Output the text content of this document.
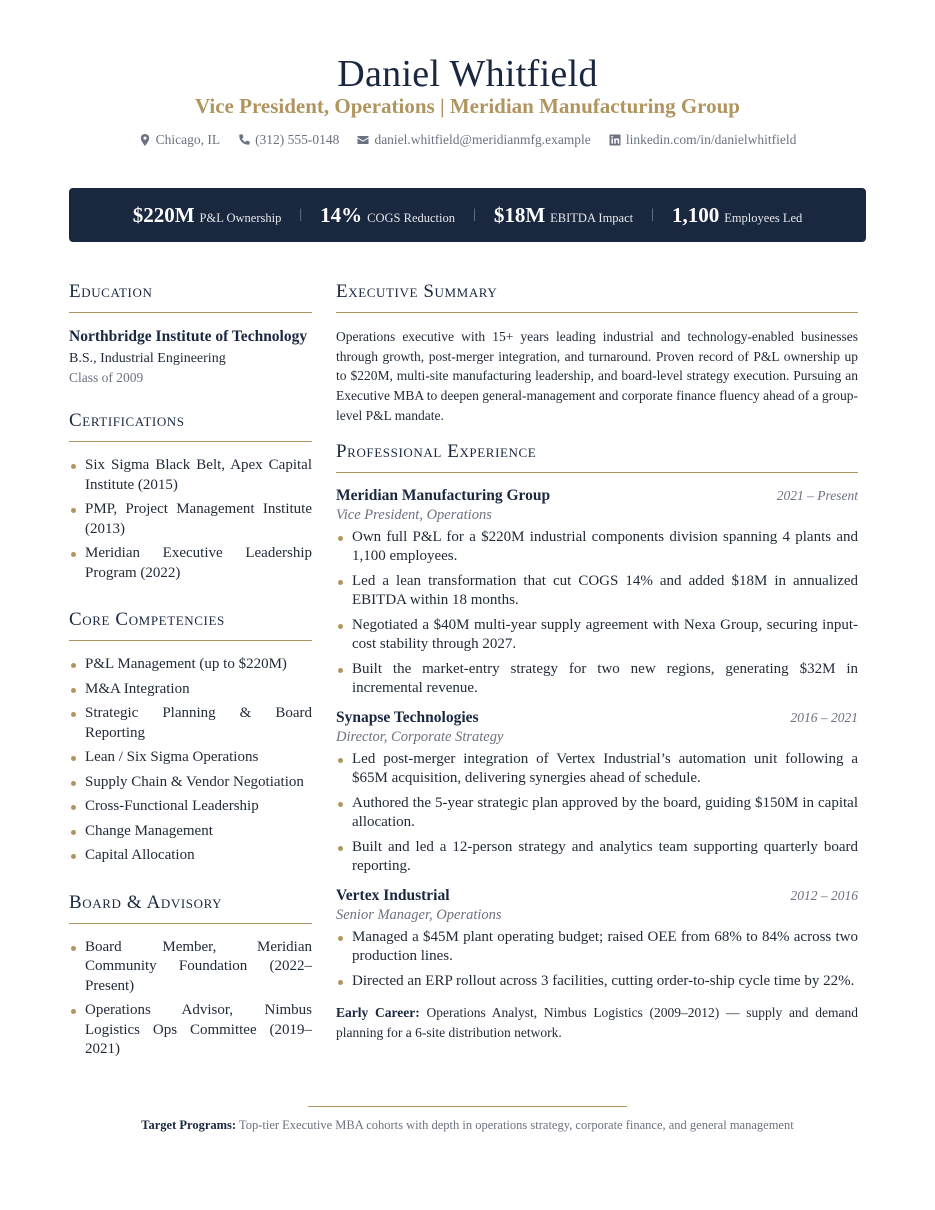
Daniel Whitfield
Vice President, Operations | Meridian Manufacturing Group
Chicago, IL	(312) 555-0148	daniel.whitfield@meridianmfg.example	linkedin.com/in/danielwhitfield
$220M P&L Ownership | 14% COGS Reduction | $18M EBITDA Impact | 1,100 Employees Led
Education
Northbridge Institute of Technology
B.S., Industrial Engineering
Class of 2009
Certifications
Six Sigma Black Belt, Apex Capital Institute (2015)
PMP, Project Management Institute (2013)
Meridian Executive Leadership Program (2022)
Core Competencies
P&L Management (up to $220M)
M&A Integration
Strategic Planning & Board Reporting
Lean / Six Sigma Operations
Supply Chain & Vendor Negotiation
Cross-Functional Leadership
Change Management
Capital Allocation
Board & Advisory
Board Member, Meridian Community Foundation (2022–Present)
Operations Advisor, Nimbus Logistics Ops Committee (2019–2021)
Executive Summary

Operations executive with 15+ years leading industrial and technology-enabled businesses through growth, post-merger integration, and turnaround. Proven record of P&L ownership up to $220M, multi-site manufacturing leadership, and board-level strategy execution. Pursuing an Executive MBA to deepen general-management and corporate finance fluency ahead of a group-level P&L mandate.

Professional Experience
Meridian Manufacturing Group	2021 – Present
Vice President, Operations
Own full P&L for a $220M industrial components division spanning 4 plants and 1,100 employees.
Led a lean transformation that cut COGS 14% and added $18M in annualized EBITDA within 18 months.
Negotiated a $40M multi-year supply agreement with Nexa Group, securing input-cost stability through 2027.
Built the market-entry strategy for two new regions, generating $32M in incremental revenue.
Synapse Technologies	2016 – 2021
Director, Corporate Strategy
Led post-merger integration of Vertex Industrial’s automation unit following a $65M acquisition, delivering synergies ahead of schedule.
Authored the 5-year strategic plan approved by the board, guiding $150M in capital allocation.
Built and led a 12-person strategy and analytics team supporting quarterly board reporting.
Vertex Industrial	2012 – 2016
Senior Manager, Operations
Managed a $45M plant operating budget; raised OEE from 68% to 84% across two production lines.
Directed an ERP rollout across 3 facilities, cutting order-to-ship cycle time by 22%.

Early Career: Operations Analyst, Nimbus Logistics (2009–2012) — supply and demand planning for a 6-site distribution network.

Target Programs: Top-tier Executive MBA cohorts with depth in operations strategy, corporate finance, and general management
